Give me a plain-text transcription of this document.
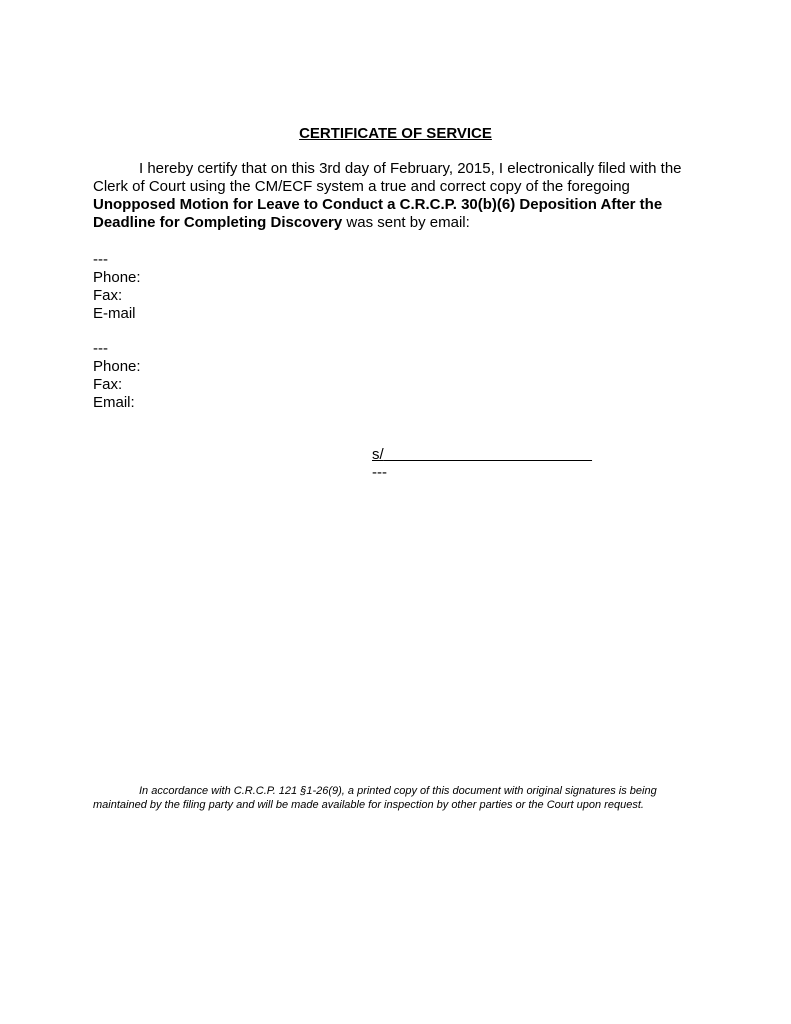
CERTIFICATE OF SERVICE
I hereby certify that on this 3rd day of February, 2015, I electronically filed with the Clerk of Court using the CM/ECF system a true and correct copy of the foregoing Unopposed Motion for Leave to Conduct a C.R.C.P. 30(b)(6) Deposition After the Deadline for Completing Discovery was sent by email:
---
Phone:
Fax:
E-mail
---
Phone:
Fax:
Email:
s/
---
In accordance with C.R.C.P. 121 §1-26(9), a printed copy of this document with original signatures is being maintained by the filing party and will be made available for inspection by other parties or the Court upon request.
